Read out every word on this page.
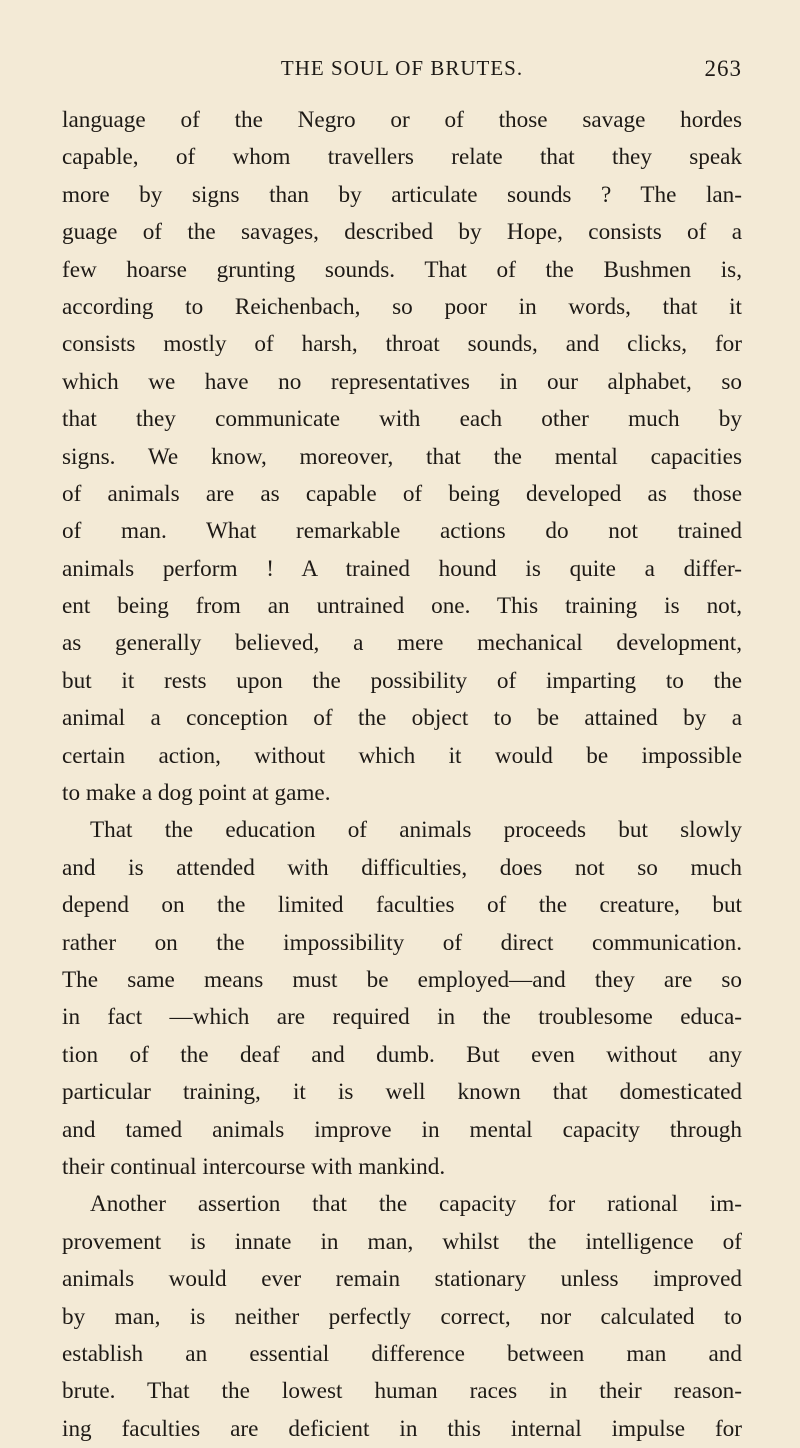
THE SOUL OF BRUTES.	263
language of the Negro or of those savage hordes
capable, of whom travellers relate that they speak
more by signs than by articulate sounds ? The lan-
guage of the savages, described by Hope, consists of a
few hoarse grunting sounds. That of the Bushmen is,
according to Reichenbach, so poor in words, that it
consists mostly of harsh, throat sounds, and clicks, for
which we have no representatives in our alphabet, so
that they communicate with each other much by
signs. We know, moreover, that the mental capacities
of animals are as capable of being developed as those
of man. What remarkable actions do not trained
animals perform ! A trained hound is quite a differ-
ent being from an untrained one. This training is not,
as generally believed, a mere mechanical development,
but it rests upon the possibility of imparting to the
animal a conception of the object to be attained by a
certain action, without which it would be impossible
to make a dog point at game.
That the education of animals proceeds but slowly
and is attended with difficulties, does not so much
depend on the limited faculties of the creature, but
rather on the impossibility of direct communication.
The same means must be employed—and they are so
in fact —which are required in the troublesome educa-
tion of the deaf and dumb. But even without any
particular training, it is well known that domesticated
and tamed animals improve in mental capacity through
their continual intercourse with mankind.
Another assertion that the capacity for rational im-
provement is innate in man, whilst the intelligence of
animals would ever remain stationary unless improved
by man, is neither perfectly correct, nor calculated to
establish an essential difference between man and
brute. That the lowest human races in their reason-
ing faculties are deficient in this internal impulse for
